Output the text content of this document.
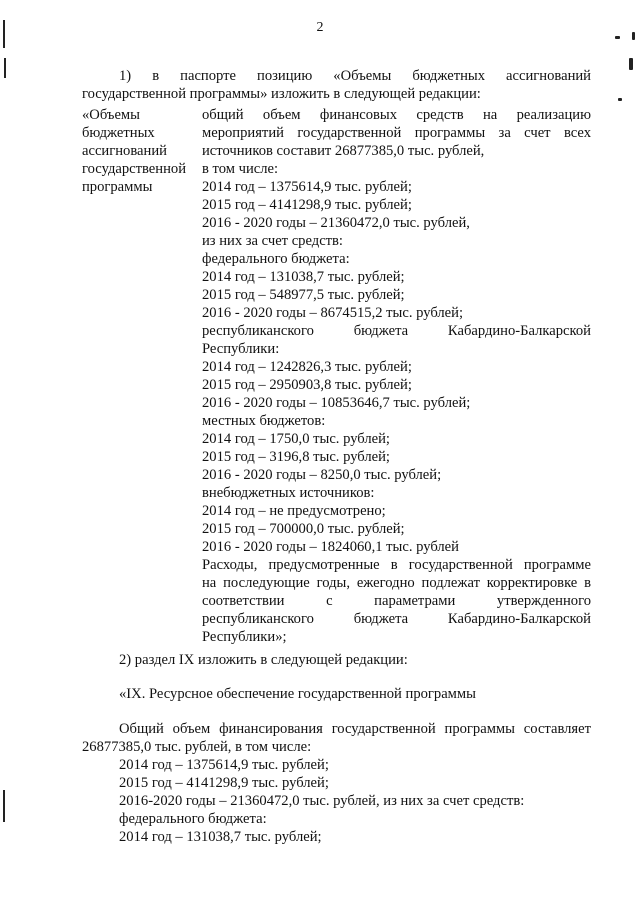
2
1) в паспорте позицию «Объемы бюджетных ассигнований
государственной программы» изложить в следующей редакции:
«Объемы
бюджетных
ассигнований
государственной
программы
общий объем финансовых средств на реализацию
мероприятий государственной программы за счет всех
источников составит 26877385,0 тыс. рублей,
в том числе:
2014 год – 1375614,9 тыс. рублей;
2015 год – 4141298,9 тыс. рублей;
2016 - 2020 годы – 21360472,0 тыс. рублей,
из них за счет средств:
федерального бюджета:
2014 год – 131038,7 тыс. рублей;
2015 год – 548977,5 тыс. рублей;
2016 - 2020 годы – 8674515,2 тыс. рублей;
республиканского бюджета Кабардино-Балкарской
Республики:
2014 год – 1242826,3 тыс. рублей;
2015 год – 2950903,8 тыс. рублей;
2016 - 2020 годы – 10853646,7 тыс. рублей;
местных бюджетов:
2014 год – 1750,0 тыс. рублей;
2015 год – 3196,8 тыс. рублей;
2016 - 2020 годы – 8250,0 тыс. рублей;
внебюджетных источников:
2014 год – не предусмотрено;
2015 год – 700000,0 тыс. рублей;
2016 - 2020 годы – 1824060,1 тыс. рублей
Расходы, предусмотренные в государственной программе
на последующие годы, ежегодно подлежат корректировке в
соответствии с параметрами утвержденного
республиканского бюджета Кабардино-Балкарской
Республики»;
2) раздел IX изложить в следующей редакции:
«IX. Ресурсное обеспечение государственной программы
Общий объем финансирования государственной программы составляет
26877385,0 тыс. рублей, в том числе:
2014 год – 1375614,9 тыс. рублей;
2015 год – 4141298,9 тыс. рублей;
2016-2020 годы – 21360472,0 тыс. рублей, из них за счет средств:
федерального бюджета:
2014 год – 131038,7 тыс. рублей;
